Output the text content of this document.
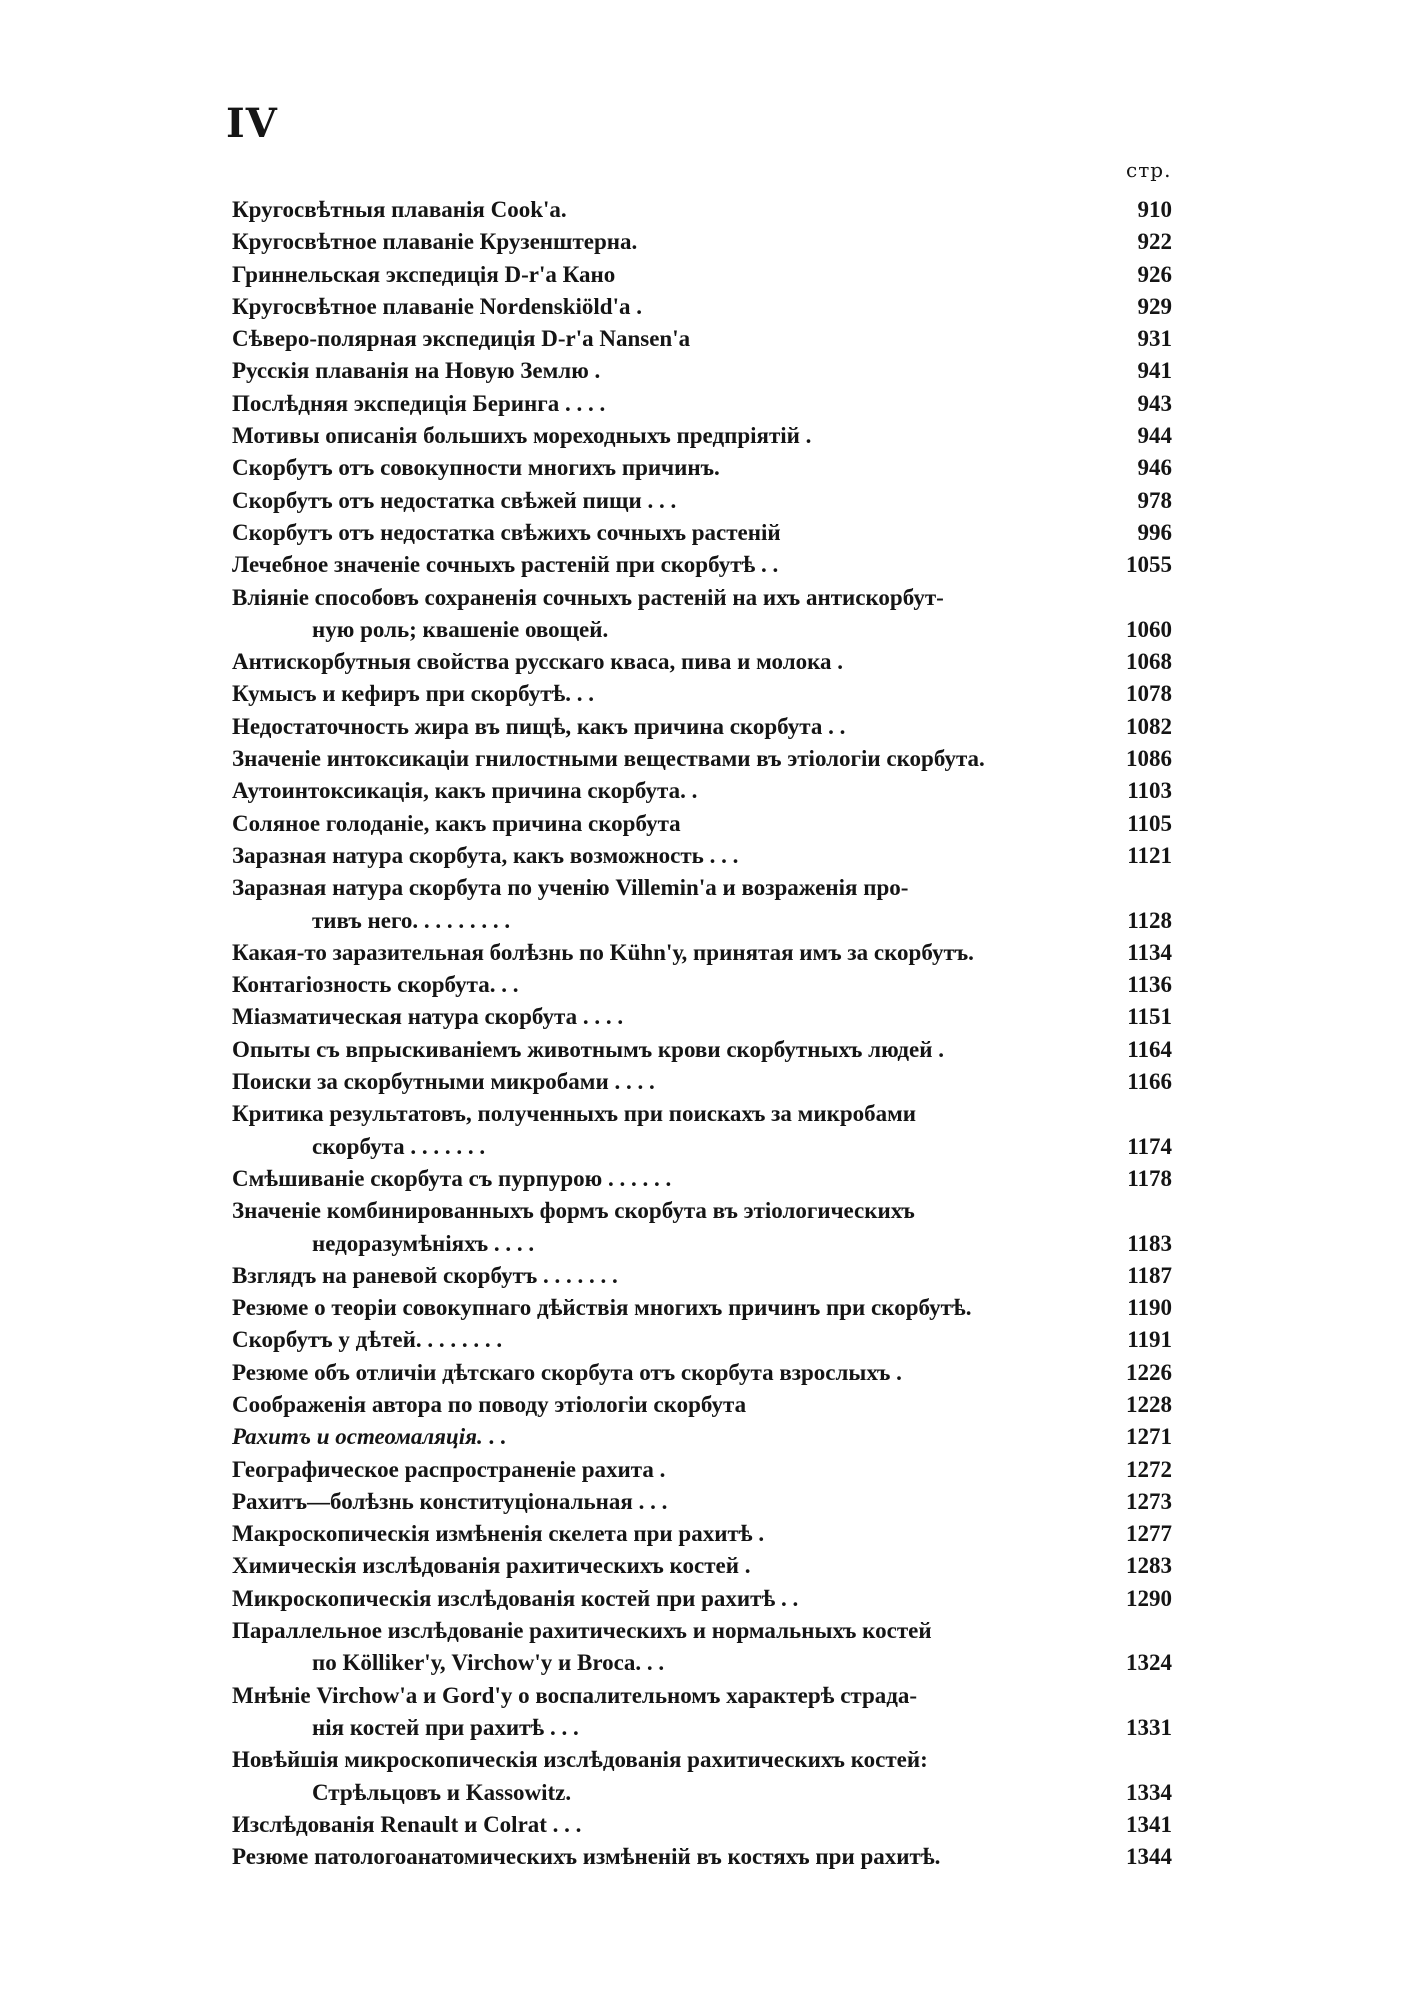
IV
стр.
Кругосвѣтныя плаванія Cook'а.	910
Кругосвѣтное плаваніе Крузенштерна.	922
Гриннельская экспедиція D-r'а Кано	926
Кругосвѣтное плаваніе Nordenskiöld'a .	929
Сѣверо-полярная экспедиція D-r'а Nansen'a	931
Русскія плаванія на Новую Землю .	941
Послѣдняя экспедиція Беринга . . . .	943
Мотивы описанія большихъ мореходныхъ предпріятій .	944
Скорбутъ отъ совокупности многихъ причинъ.	946
Скорбутъ отъ недостатка свѣжей пищи . . .	978
Скорбутъ отъ недостатка свѣжихъ сочныхъ растеній	996
Лечебное значеніе сочныхъ растеній при скорбутѣ . .	1055
Вліяніе способовъ сохраненія сочныхъ растеній на ихъ антискорбут-
ную роль; квашеніе овощей.	1060
Антискорбутныя свойства русскаго кваса, пива и молока .	1068
Кумысъ и кефиръ при скорбутѣ. . .	1078
Недостаточность жира въ пищѣ, какъ причина скорбута . .	1082
Значеніе интоксикаціи гнилостными веществами въ этіологіи скорбута.	1086
Аутоинтоксикація, какъ причина скорбута. .	1103
Соляное голоданіе, какъ причина скорбута	1105
Заразная натура скорбута, какъ возможность . . .	1121
Заразная натура скорбута по ученію Villemin'a и возраженія про-
тивъ него. . . . . . . . .	1128
Какая-то заразительная болѣзнь по Kühn'у, принятая имъ за скорбутъ.	1134
Контагіозность скорбута. . .	1136
Міазматическая натура скорбута . . . .	1151
Опыты съ впрыскиваніемъ животнымъ крови скорбутныхъ людей .	1164
Поиски за скорбутными микробами . . . .	1166
Критика результатовъ, полученныхъ при поискахъ за микробами
скорбута . . . . . . .	1174
Смѣшиваніе скорбута съ пурпурою . . . . . .	1178
Значеніе комбинированныхъ формъ скорбута въ этіологическихъ
недоразумѣніяхъ . . . .	1183
Взглядъ на раневой скорбутъ . . . . . . .	1187
Резюме о теоріи совокупнаго дѣйствія многихъ причинъ при скорбутѣ.	1190
Скорбутъ у дѣтей. . . . . . . .	1191
Резюме объ отличіи дѣтскаго скорбута отъ скорбута взрослыхъ .	1226
Соображенія автора по поводу этіологіи скорбута	1228
Рахитъ и остеомаляція. . .	1271
Географическое распространеніе рахита .	1272
Рахитъ—болѣзнь конституціональная . . .	1273
Макроскопическія измѣненія скелета при рахитѣ .	1277
Химическія изслѣдованія рахитическихъ костей .	1283
Микроскопическія изслѣдованія костей при рахитѣ . .	1290
Параллельное изслѣдованіе рахитическихъ и нормальныхъ костей
по Kölliker'у, Virchow'у и Broca. . .	1324
Мнѣніе Virchow'a и Gord'у о воспалительномъ характерѣ страда-
нія костей при рахитѣ . . .	1331
Новѣйшія микроскопическія изслѣдованія рахитическихъ костей:
Стрѣльцовъ и Kassowitz.	1334
Изслѣдованія Renault и Colrat . . .	1341
Резюме патологоанатомическихъ измѣненій въ костяхъ при рахитѣ.	1344
